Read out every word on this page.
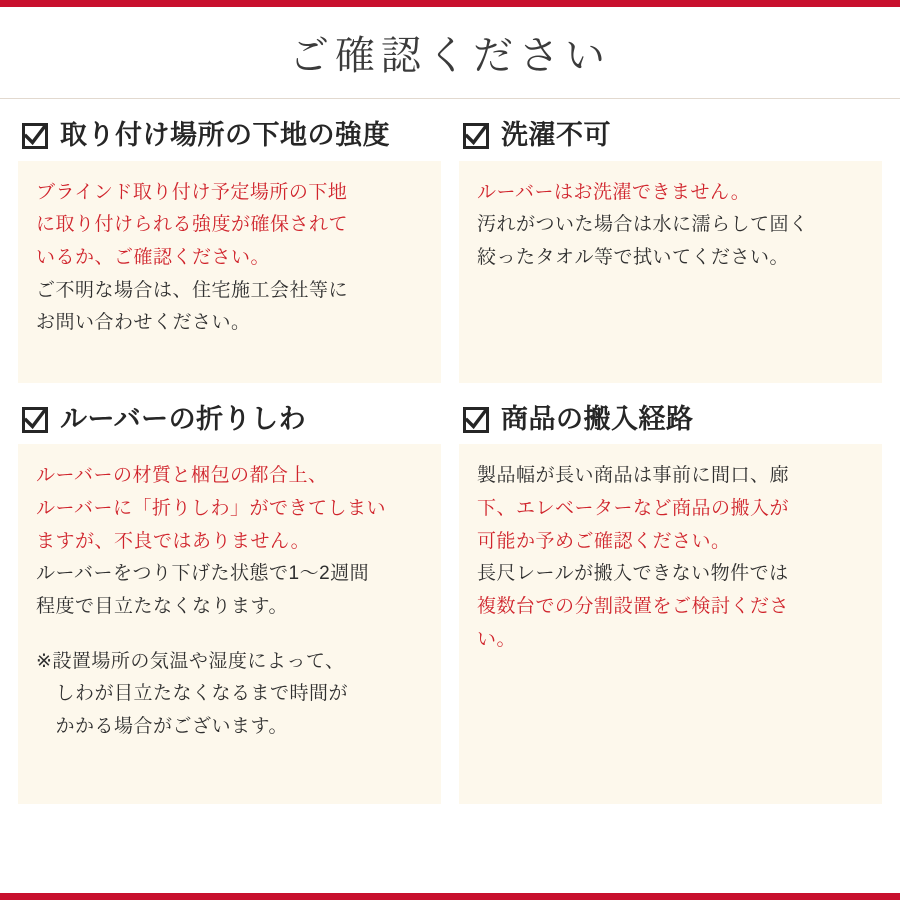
ご確認ください
取り付け場所の下地の強度

ブラインド取り付け予定場所の下地

に取り付けられる強度が確保されて

いるか、ご確認ください。

ご不明な場合は、住宅施工会社等に

お問い合わせください。

洗濯不可

ルーバーはお洗濯できません。

汚れがついた場合は水に濡らして固く

絞ったタオル等で拭いてください。

ルーバーの折りしわ

ルーバーの材質と梱包の都合上、

ルーバーに「折りしわ」ができてしまい

ますが、不良ではありません。

ルーバーをつり下げた状態で1〜2週間

程度で目立たなくなります。

※設置場所の気温や湿度によって、

　しわが目立たなくなるまで時間が

　かかる場合がございます。

商品の搬入経路

製品幅が長い商品は事前に間口、廊

下、エレベーターなど商品の搬入が

可能か予めご確認ください。

長尺レールが搬入できない物件では

複数台での分割設置をご検討くださ

い。
